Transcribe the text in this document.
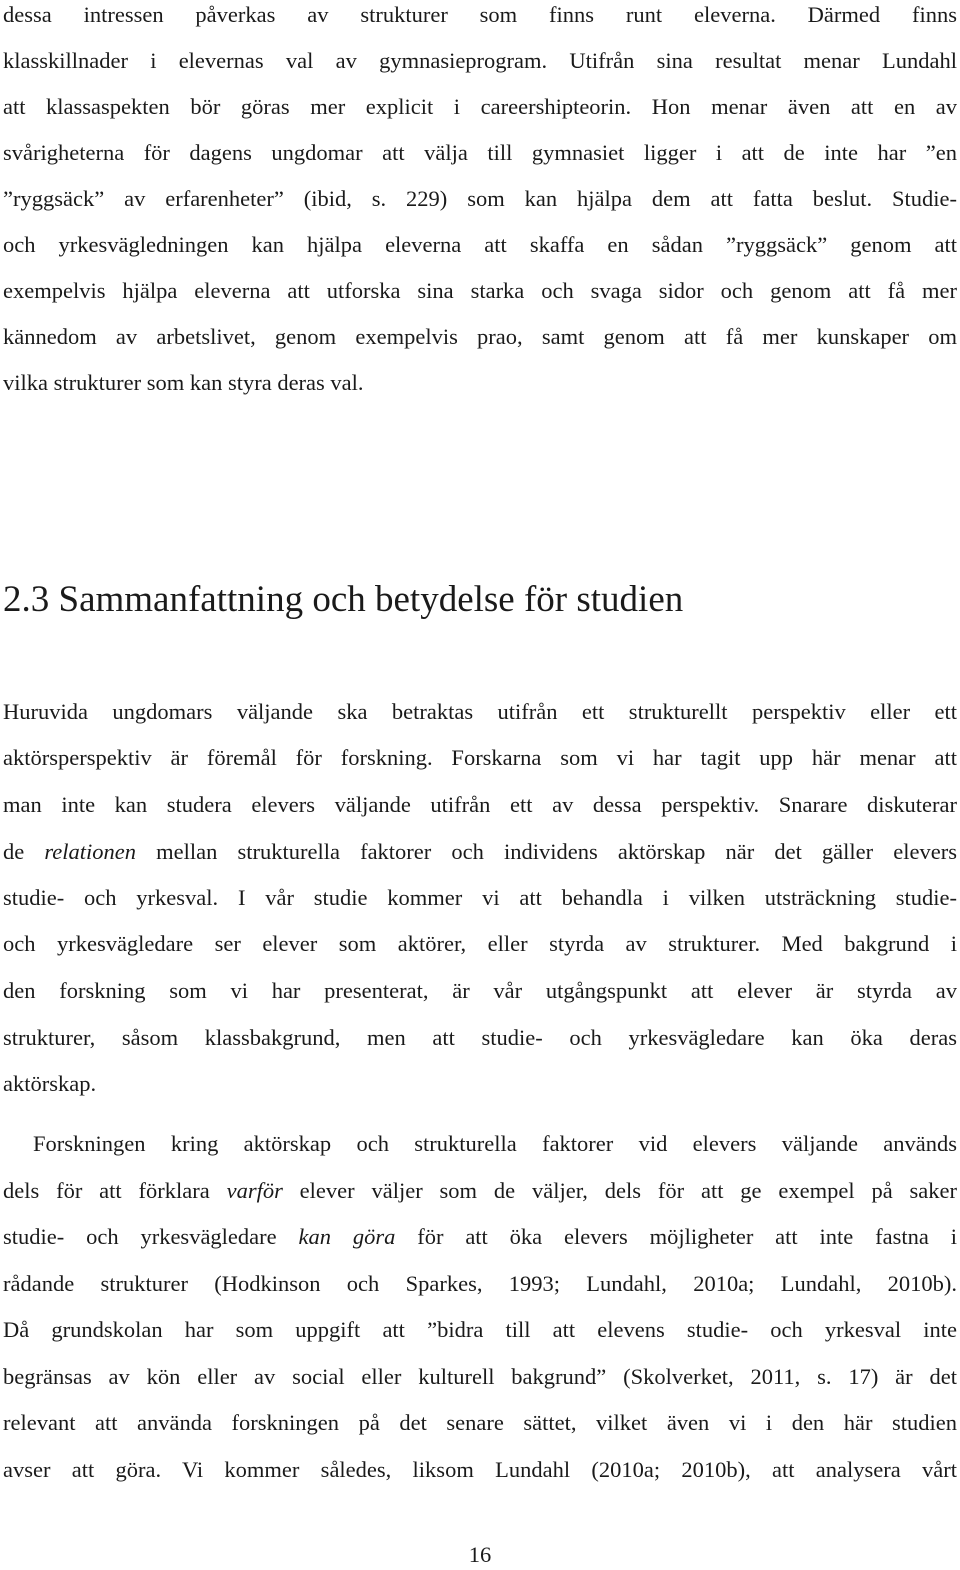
dessa intressen påverkas av strukturer som finns runt eleverna. Därmed finns
klasskillnader i elevernas val av gymnasieprogram. Utifrån sina resultat menar Lundahl
att klassaspekten bör göras mer explicit i careershipteorin. Hon menar även att en av
svårigheterna för dagens ungdomar att välja till gymnasiet ligger i att de inte har ”en
”ryggsäck” av erfarenheter” (ibid, s. 229) som kan hjälpa dem att fatta beslut. Studie-
och yrkesvägledningen kan hjälpa eleverna att skaffa en sådan ”ryggsäck” genom att
exempelvis hjälpa eleverna att utforska sina starka och svaga sidor och genom att få mer
kännedom av arbetslivet, genom exempelvis prao, samt genom att få mer kunskaper om
vilka strukturer som kan styra deras val.
2.3 Sammanfattning och betydelse för studien
Huruvida ungdomars väljande ska betraktas utifrån ett strukturellt perspektiv eller ett
aktörsperspektiv är föremål för forskning. Forskarna som vi har tagit upp här menar att
man inte kan studera elevers väljande utifrån ett av dessa perspektiv. Snarare diskuterar
de relationen mellan strukturella faktorer och individens aktörskap när det gäller elevers
studie- och yrkesval. I vår studie kommer vi att behandla i vilken utsträckning studie-
och yrkesvägledare ser elever som aktörer, eller styrda av strukturer. Med bakgrund i
den forskning som vi har presenterat, är vår utgångspunkt att elever är styrda av
strukturer, såsom klassbakgrund, men att studie- och yrkesvägledare kan öka deras
aktörskap.
Forskningen kring aktörskap och strukturella faktorer vid elevers väljande används
dels för att förklara varför elever väljer som de väljer, dels för att ge exempel på saker
studie- och yrkesvägledare kan göra för att öka elevers möjligheter att inte fastna i
rådande strukturer (Hodkinson och Sparkes, 1993; Lundahl, 2010a; Lundahl, 2010b).
Då grundskolan har som uppgift att ”bidra till att elevens studie- och yrkesval inte
begränsas av kön eller av social eller kulturell bakgrund” (Skolverket, 2011, s. 17) är det
relevant att använda forskningen på det senare sättet, vilket även vi i den här studien
avser att göra. Vi kommer således, liksom Lundahl (2010a; 2010b), att analysera vårt
16
